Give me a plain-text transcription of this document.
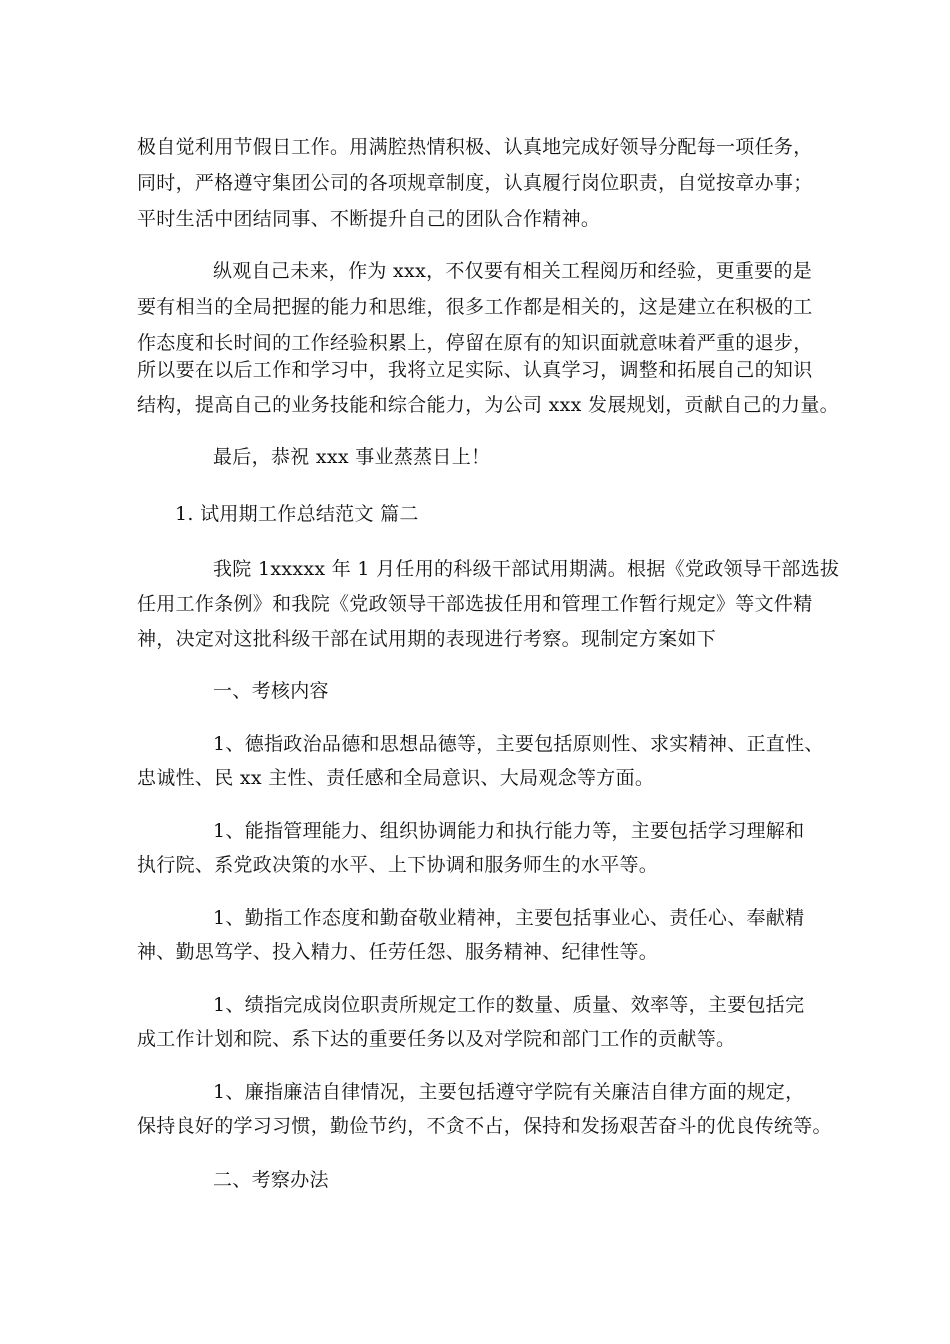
极自觉利用节假日工作。用满腔热情积极、认真地完成好领导分配每一项任务，
同时，严格遵守集团公司的各项规章制度，认真履行岗位职责，自觉按章办事；
平时生活中团结同事、不断提升自己的团队合作精神。
纵观自己未来，作为 xxx，不仅要有相关工程阅历和经验，更重要的是
要有相当的全局把握的能力和思维，很多工作都是相关的，这是建立在积极的工
作态度和长时间的工作经验积累上，停留在原有的知识面就意味着严重的退步，
所以要在以后工作和学习中，我将立足实际、认真学习，调整和拓展自己的知识
结构，提高自己的业务技能和综合能力，为公司 xxx 发展规划，贡献自己的力量。
最后，恭祝 xxx 事业蒸蒸日上！
1. 试用期工作总结范文 篇二
我院 1xxxxx 年 1 月任用的科级干部试用期满。根据《党政领导干部选拔
任用工作条例》和我院《党政领导干部选拔任用和管理工作暂行规定》等文件精
神，决定对这批科级干部在试用期的表现进行考察。现制定方案如下
一、考核内容
1、德指政治品德和思想品德等，主要包括原则性、求实精神、正直性、
忠诚性、民 xx 主性、责任感和全局意识、大局观念等方面。
1、能指管理能力、组织协调能力和执行能力等，主要包括学习理解和
执行院、系党政决策的水平、上下协调和服务师生的水平等。
1、勤指工作态度和勤奋敬业精神，主要包括事业心、责任心、奉献精
神、勤思笃学、投入精力、任劳任怨、服务精神、纪律性等。
1、绩指完成岗位职责所规定工作的数量、质量、效率等，主要包括完
成工作计划和院、系下达的重要任务以及对学院和部门工作的贡献等。
1、廉指廉洁自律情况，主要包括遵守学院有关廉洁自律方面的规定，
保持良好的学习习惯，勤俭节约，不贪不占，保持和发扬艰苦奋斗的优良传统等。
二、考察办法
